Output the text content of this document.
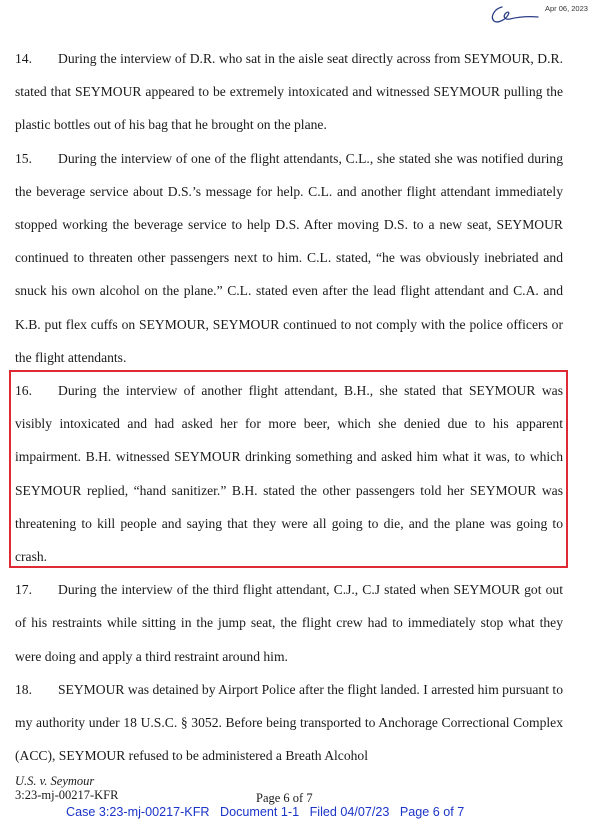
Apr 06, 2023

14. During the interview of D.R. who sat in the aisle seat directly across from SEYMOUR, D.R. stated that SEYMOUR appeared to be extremely intoxicated and witnessed SEYMOUR pulling the plastic bottles out of his bag that he brought on the plane.

15. During the interview of one of the flight attendants, C.L., she stated she was notified during the beverage service about D.S.’s message for help. C.L. and another flight attendant immediately stopped working the beverage service to help D.S. After moving D.S. to a new seat, SEYMOUR continued to threaten other passengers next to him. C.L. stated, “he was obviously inebriated and snuck his own alcohol on the plane.” C.L. stated even after the lead flight attendant and C.A. and K.B. put flex cuffs on SEYMOUR, SEYMOUR continued to not comply with the police officers or the flight attendants.

16. During the interview of another flight attendant, B.H., she stated that SEYMOUR was visibly intoxicated and had asked her for more beer, which she denied due to his apparent impairment. B.H. witnessed SEYMOUR drinking something and asked him what it was, to which SEYMOUR replied, “hand sanitizer.” B.H. stated the other passengers told her SEYMOUR was threatening to kill people and saying that they were all going to die, and the plane was going to crash.

17. During the interview of the third flight attendant, C.J., C.J stated when SEYMOUR got out of his restraints while sitting in the jump seat, the flight crew had to immediately stop what they were doing and apply a third restraint around him.

18. SEYMOUR was detained by Airport Police after the flight landed. I arrested him pursuant to my authority under 18 U.S.C. § 3052. Before being transported to Anchorage Correctional Complex (ACC), SEYMOUR refused to be administered a Breath Alcohol

U.S. v. Seymour
3:23-mj-00217-KFR	Page 6 of 7
Case 3:23-mj-00217-KFR   Document 1-1   Filed 04/07/23   Page 6 of 7
